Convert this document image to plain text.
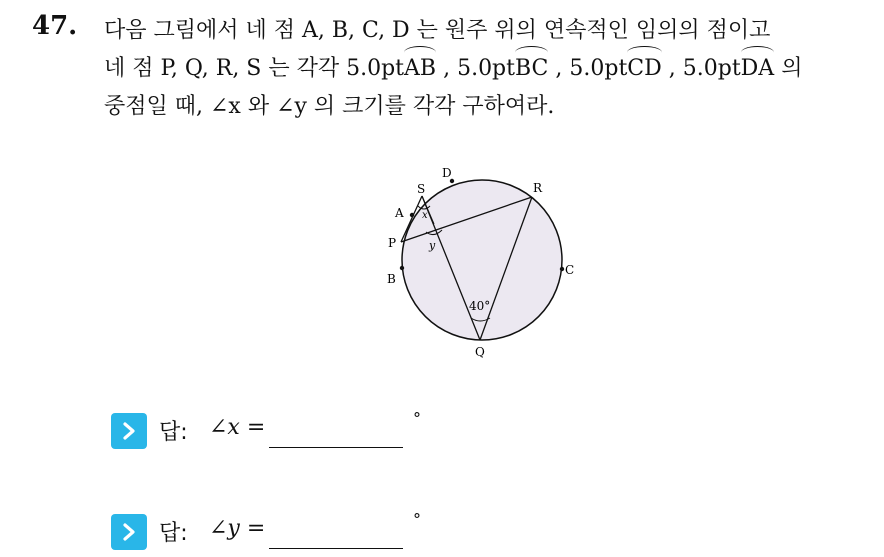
47. 다음 그림에서 네 점 A, B, C, D 는 원주 위의 연속적인 임의의 점이고
네 점 P, Q, R, S 는 각각 5.0ptAB , 5.0ptBC , 5.0ptCD , 5.0ptDA 의
중점일 때, ∠x 와 ∠y 의 크기를 각각 구하여라.
D
S	R
A
P
B
C
Q
x
y
40°
답: ∠x =	°
답: ∠y =	°
